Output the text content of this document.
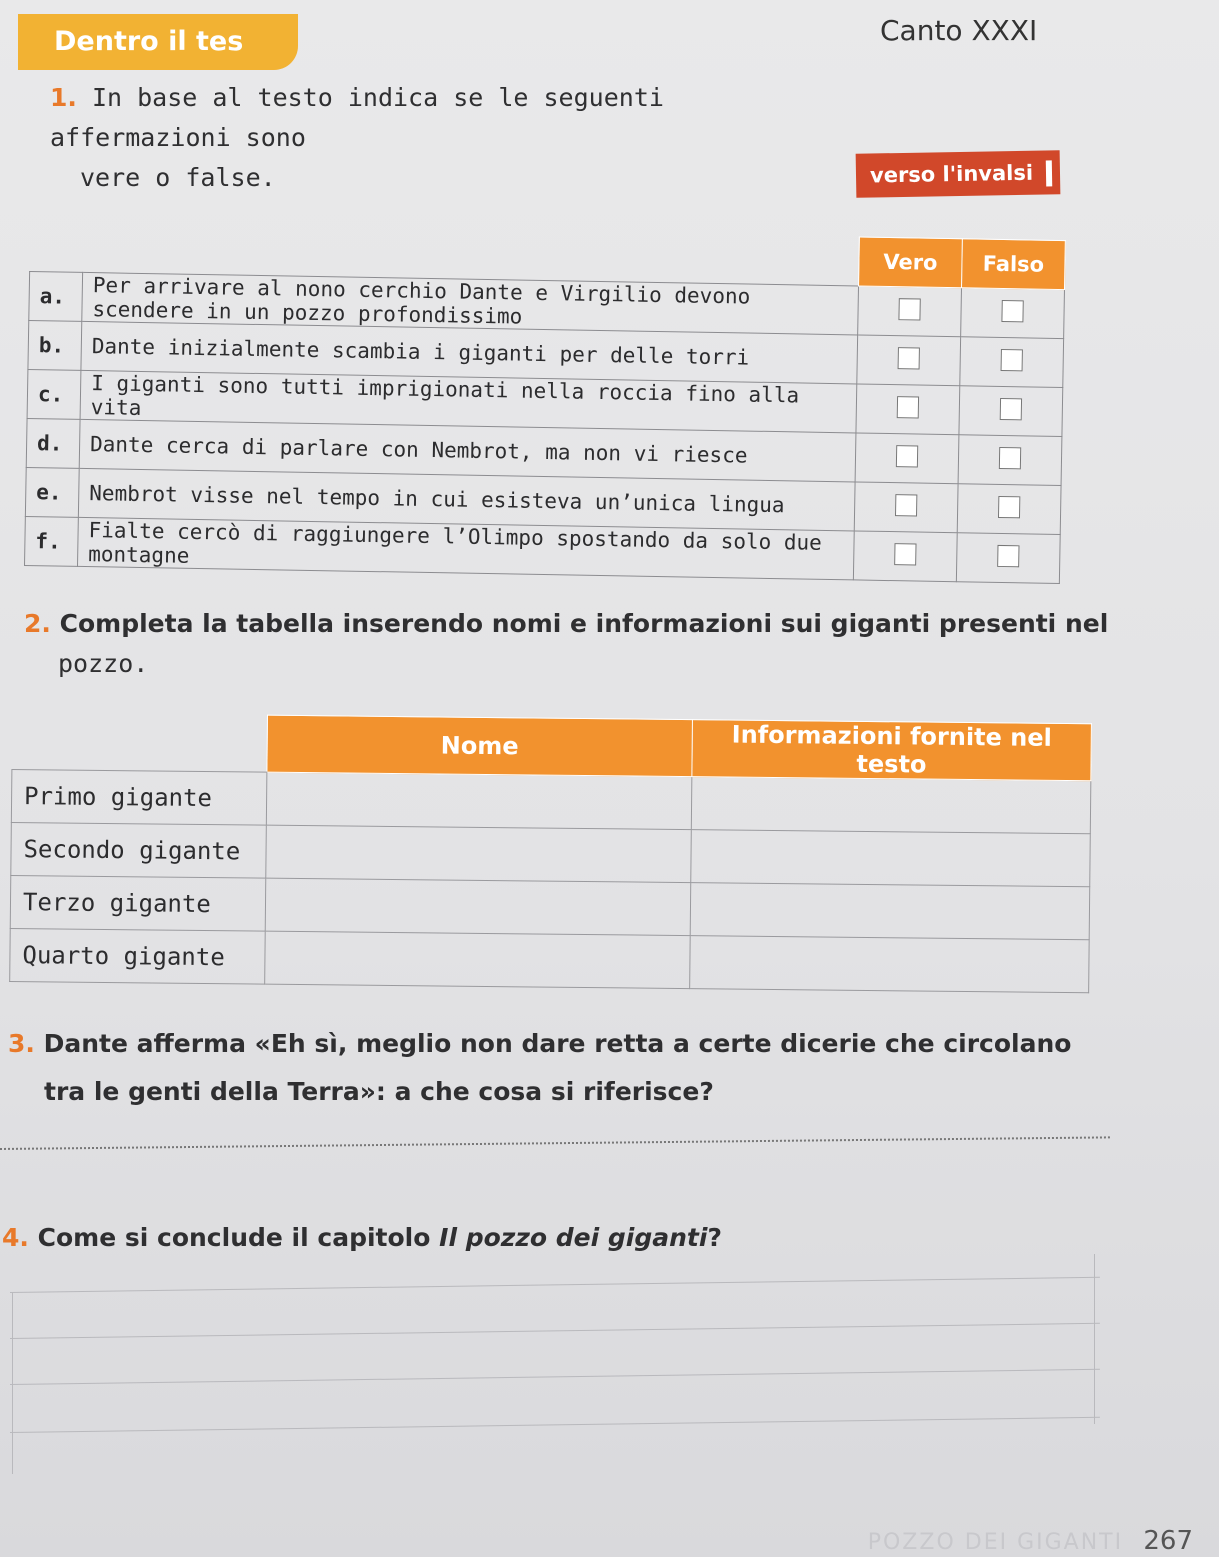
Dentro il tes	Canto XXXI
1. In base al testo indica se le seguenti affermazioni sono
vere o false.	verso l'invalsi
		Vero	Falso
a.	Per arrivare al nono cerchio Dante e Virgilio devono scendere in un pozzo profondissimo		
b.	Dante inizialmente scambia i giganti per delle torri		
c.	I giganti sono tutti imprigionati nella roccia fino alla vita		
d.	Dante cerca di parlare con Nembrot, ma non vi riesce		
e.	Nembrot visse nel tempo in cui esisteva un’unica lingua		
f.	Fialte cercò di raggiungere l’Olimpo spostando da solo due montagne		
2. Completa la tabella inserendo nomi e informazioni sui giganti presenti nel
pozzo.
	Nome	Informazioni fornite nel testo
Primo gigante		
Secondo gigante		
Terzo gigante		
Quarto gigante		
3. Dante afferma «Eh sì, meglio non dare retta a certe dicerie che circolano
tra le genti della Terra»: a che cosa si riferisce?
4. Come si conclude il capitolo Il pozzo dei giganti?
POZZO DEI GIGANTI 267
